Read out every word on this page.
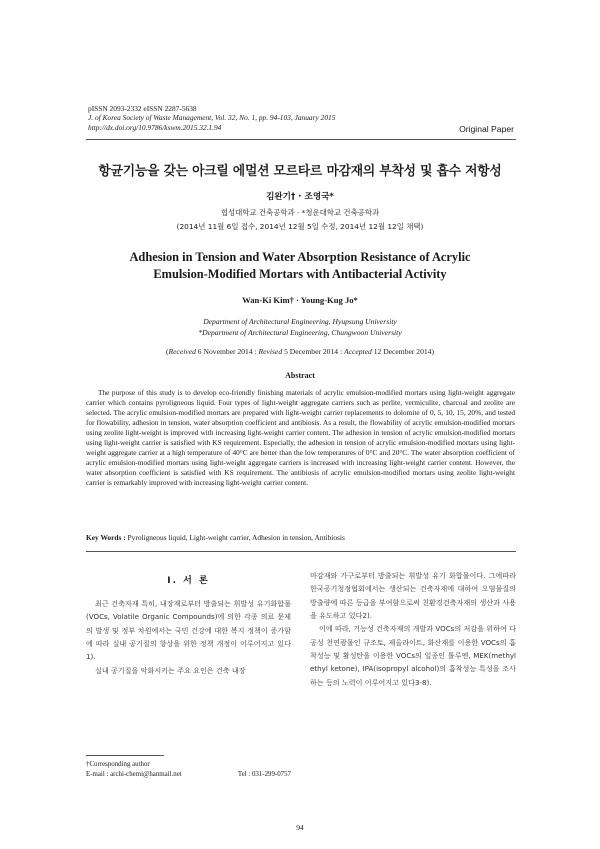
pISSN 2093-2332 eISSN 2287-5638
J. of Korea Society of Waste Management, Vol. 32, No. 1, pp. 94-103, January 2015
http://dx.doi.org/10.9786/kswm.2015.32.1.94	Original Paper
항균기능을 갖는 아크릴 에멀션 모르타르 마감재의 부착성 및 흡수 저항성
김완기† · 조영국*
협성대학교 건축공학과 · *청운대학교 건축공학과
(2014년 11월 6일 접수, 2014년 12월 5일 수정, 2014년 12월 12일 채택)
Adhesion in Tension and Water Absorption Resistance of Acrylic
Emulsion-Modified Mortars with Antibacterial Activity
Wan-Ki Kim† · Young-Kug Jo*
Department of Architectural Engineering, Hyupsung University
*Department of Architectural Engineering, Chungwoon University
(Received 6 November 2014 : Revised 5 December 2014 : Accepted 12 December 2014)
Abstract
The purpose of this study is to develop eco-friendly finishing materials of acrylic emulsion-modified mortars using light-weight aggregate carrier which contains pyroligneous liquid. Four types of light-weight aggregate carriers such as perlite, vermiculite, charcoal and zeolite are selected. The acrylic emulsion-modified mortars are prepared with light-weight carrier replacements to dolomite of 0, 5, 10, 15, 20%, and tested for flowability, adhesion in tension, water absorption coefficient and antibiosis. As a result, the flowability of acrylic emulsion-modified mortars using zeolite light-weight is improved with increasing light-weight carrier content. The adhesion in tension of acrylic emulsion-modified mortars using light-weight carrier is satisfied with KS requirement. Especially, the adhesion in tension of acrylic emulsion-modified mortars using light-weight aggregate carrier at a high temperature of 40°C are better than the low temperatures of 0°C and 20°C. The water absorption coefficient of acrylic emulsion-modified mortars using light-weight aggregate carriers is increased with increasing light-weight carrier content. However, the water absorption coefficient is satisfied with KS requirement. The antibiosis of acrylic emulsion-modified mortars using zeolite light-weight carrier is remarkably improved with increasing light-weight carrier content.
Key Words : Pyroligneous liquid, Light-weight carrier, Adhesion in tension, Antibiosis
I. 서 론

최근 건축자재 특히, 내장재로부터 방출되는 휘발성 유기화합물(VOCs, Volatile Organic Compounds)에 의한 각종 의료 문제의 발생 및 정부 차원에서는 국민 건강에 대한 복지 정책이 증가함에 따라 실내 공기질의 향상을 위한 정책 개정이 이루어지고 있다1).

실내 공기질을 악화시키는 주요 요인은 건축 내장

마감재와 가구로부터 방출되는 휘발성 유기 화합물이다. 그에따라 한국공기청정협회에서는 생산되는 건축자재에 대하여 오염물질의 방출량에 따른 등급을 부여함으로써 친환경건축자재의 생산과 사용을 유도하고 있다2).

이에 따라, 기능성 건축자재의 개발과 VOCs의 저감을 위하여 다공성 천연광물인 규조토, 제올라이트, 화산재를 이용한 VOCs의 흡착성능 및 활성탄을 이용한 VOCs의 일종인 톨루엔, MEK(methyl ethyl ketone), IPA(isopropyl alcohol)의 흡착성능 특성을 조사하는 등의 노력이 이루어지고 있다3-8).

†Corresponding author
E-mail : archi-chemi@hanmail.net	Tel : 031-299-0757
94
